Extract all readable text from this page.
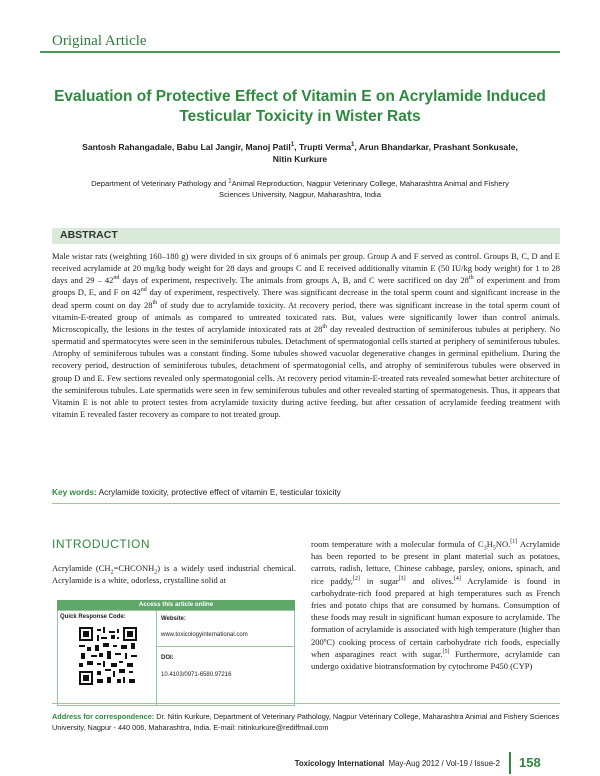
Original Article
Evaluation of Protective Effect of Vitamin E on Acrylamide Induced
Testicular Toxicity in Wister Rats
Santosh Rahangadale, Babu Lal Jangir, Manoj Patil$^1$, Trupti Verma$^1$, Arun Bhandarkar, Prashant Sonkusale,
Nitin Kurkure
Department of Veterinary Pathology and $^1$Animal Reproduction, Nagpur Veterinary College, Maharashtra Animal and Fishery
Sciences University, Nagpur, Maharashtra, India
ABSTRACT
Male wistar rats (weighting 160–180 g) were divided in six groups of 6 animals per group. Group A and F served as control. Groups B, C, D and E received acrylamide at 20 mg/kg body weight for 28 days and groups C and E received additionally vitamin E (50 IU/kg body weight) for 1 to 28 days and 29 – 42nd days of experiment, respectively. The animals from groups A, B, and C were sacrificed on day 28th of experiment and from groups D, E, and F on 42nd day of experiment, respectively. There was significant decrease in the total sperm count and significant increase in the dead sperm count on day 28th of study due to acrylamide toxicity. At recovery period, there was significant increase in the total sperm count of vitamin-E-treated group of animals as compared to untreated toxicated rats. But, values were significantly lower than control animals. Microscopically, the lesions in the testes of acrylamide intoxicated rats at 28th day revealed destruction of seminiferous tubules at periphery. No spermatid and spermatocytes were seen in the seminiferous tubules. Detachment of spermatogonial cells started at periphery of seminiferous tubules. Atrophy of seminiferous tubules was a constant finding. Some tubules showed vacuolar degenerative changes in germinal epithelium. During the recovery period, destruction of seminiferous tubules, detachment of spermatogonial cells, and atrophy of seminiferous tubules were observed in group D and E. Few sections revealed only spermatogonial cells. At recovery period vitamin-E-treated rats revealed somewhat better architecture of the seminiferous tubules. Late spermatids were seen in few seminiferous tubules and other revealed starting of spermatogenesis. Thus, it appears that Vitamin E is not able to protect testes from acrylamide toxicity during active feeding, but after cessation of acrylamide feeding treatment with vitamin E revealed faster recovery as compare to not treated group.
Key words: Acrylamide toxicity, protective effect of vitamin E, testicular toxicity
INTRODUCTION
Acrylamide $(CH_2=CHCONH_2)$ is a widely used industrial chemical. Acrylamide is a white, odorless, crystalline solid at
Access this article online
Quick Response Code:	Website:
www.toxicologyinternational.com
DOI:
10.4103/0971-6580.97216
room temperature with a molecular formula of $C_3H_5NO.[1]$ Acrylamide has been reported to be present in plant material such as potatoes, carrots, radish, lettuce, Chinese cabbage, parsley, onions, spinach, and rice paddy,[2] in sugar[3] and olives.[4] Acrylamide is found in carbohydrate-rich food prepared at high temperatures such as French fries and potato chips that are consumed by humans. Consumption of these foods may result in significant human exposure to acrylamide. The formation of acrylamide is associated with high temperature (higher than 200ºC) cooking process of certain carbohydrate rich foods, especially when asparagines react with sugar.[5] Furthermore, acrylamide can undergo oxidative biotransformation by cytochrome P450 (CYP)
Address for correspondence: Dr. Nitin Kurkure, Department of Veterinary Pathology, Nagpur Veterinary College, Maharashtra Animal and Fishery Sciences University, Nagpur - 440 006, Maharashtra, India. E-mail: nitinkurkure@rediffmail.com
Toxicology International May-Aug 2012 / Vol-19 / Issue-2 158
